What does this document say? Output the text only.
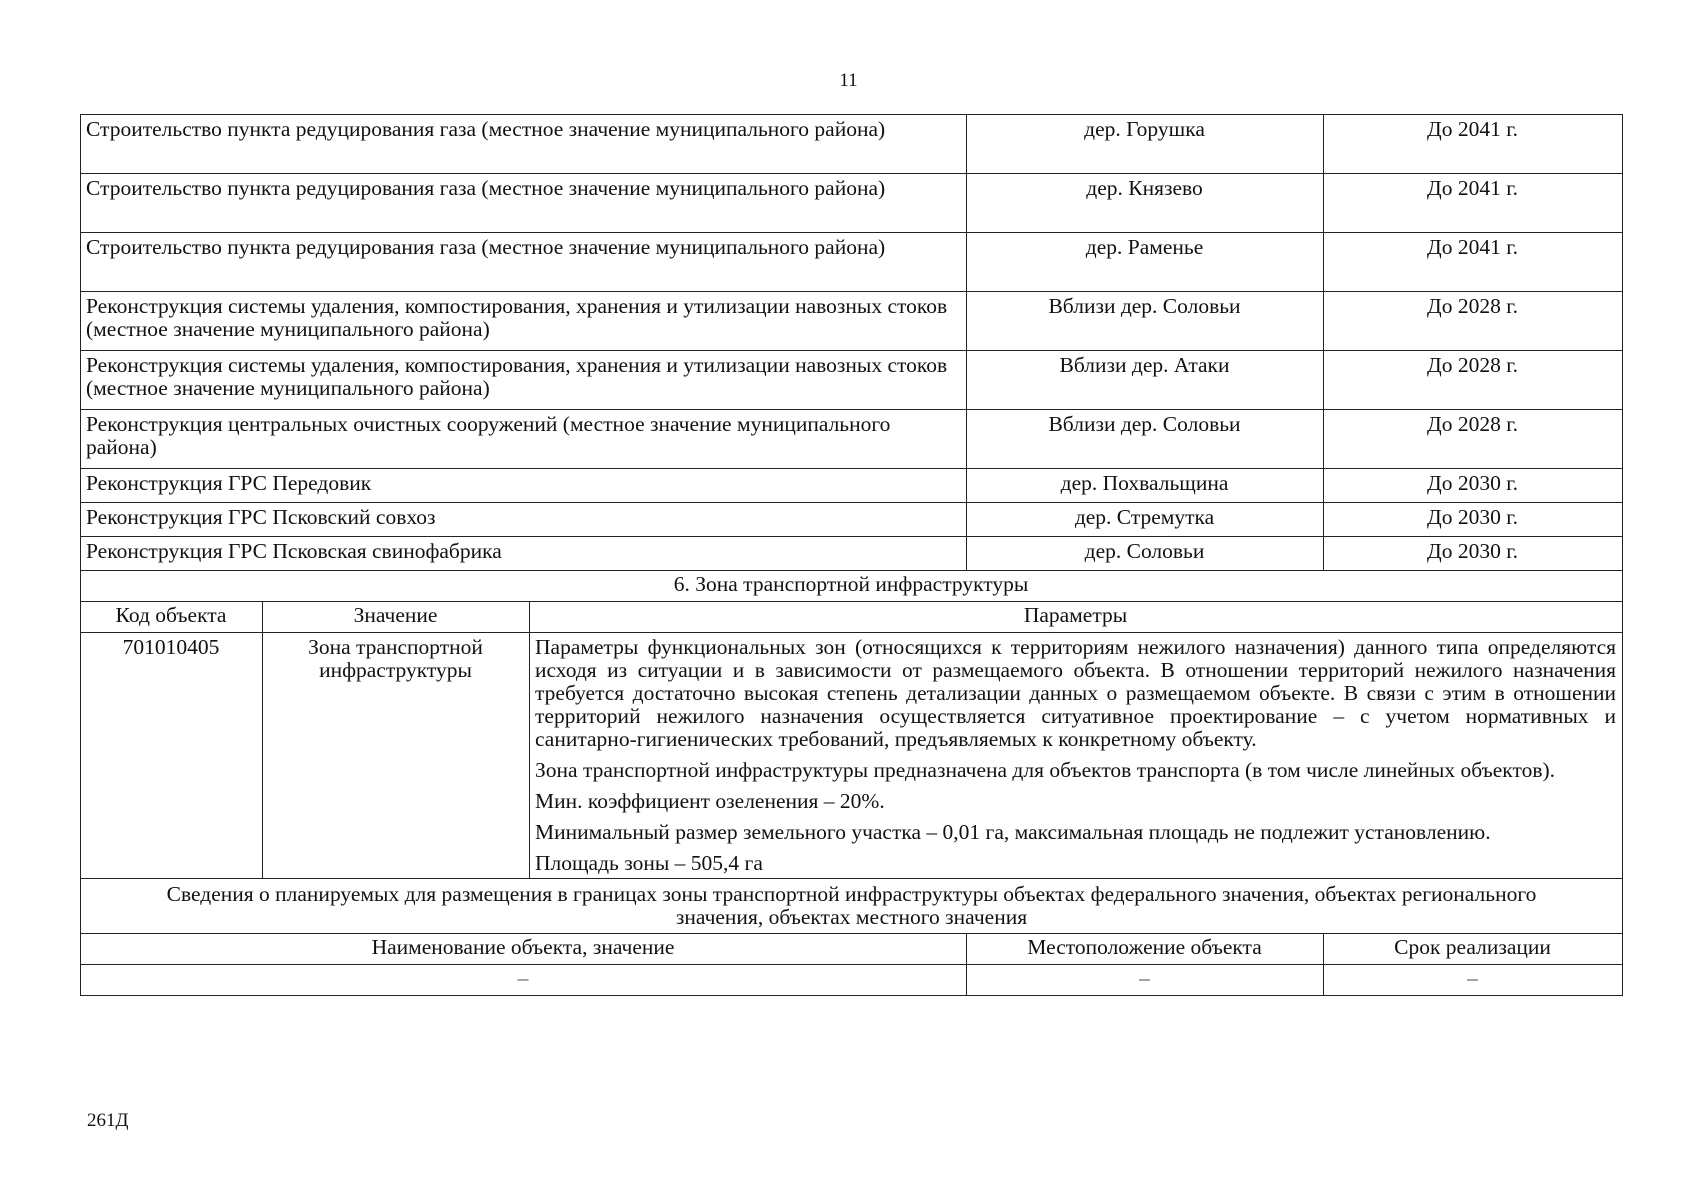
11
Строительство пункта редуцирования газа (местное значение муниципального района)			дер. Горушка	До 2041 г.
Строительство пункта редуцирования газа (местное значение муниципального района)			дер. Князево	До 2041 г.
Строительство пункта редуцирования газа (местное значение муниципального района)			дер. Раменье	До 2041 г.
Реконструкция системы удаления, компостирования, хранения и утилизации навозных стоков (местное значение муниципального района)			Вблизи дер. Соловьи	До 2028 г.
Реконструкция системы удаления, компостирования, хранения и утилизации навозных стоков (местное значение муниципального района)			Вблизи дер. Атаки	До 2028 г.
Реконструкция центральных очистных сооружений (местное значение муниципального района)			Вблизи дер. Соловьи	До 2028 г.
Реконструкция ГРС Передовик			дер. Похвальщина	До 2030 г.
Реконструкция ГРС Псковский совхоз			дер. Стремутка	До 2030 г.
Реконструкция ГРС Псковская свинофабрика			дер. Соловьи	До 2030 г.
6. Зона транспортной инфраструктуры				
Код объекта	Значение	Параметры		
701010405	Зона транспортной инфраструктуры	Параметры функциональных зон (относящихся к территориям нежилого назначения) данного типа определяются исходя из ситуации и в зависимости от размещаемого объекта. В отношении территорий нежилого назначения требуется достаточно высокая степень детализации данных о размещаемом объекте. В связи с этим в отношении территорий нежилого назначения осуществляется ситуативное проектирование – с учетом нормативных и санитарно-гигиенических требований, предъявляемых к конкретному объекту.

Зона транспортной инфраструктуры предназначена для объектов транспорта (в том числе линейных объектов).

Мин. коэффициент озеленения – 20%.

Минимальный размер земельного участка – 0,01 га, максимальная площадь не подлежит установлению.

Площадь зоны – 505,4 га		

Сведения о планируемых для размещения в границах зоны транспортной инфраструктуры объектах федерального значения, объектах регионального значения, объектах местного значения				
Наименование объекта, значение			Местоположение объекта	Срок реализации
–			–	–
261Д
